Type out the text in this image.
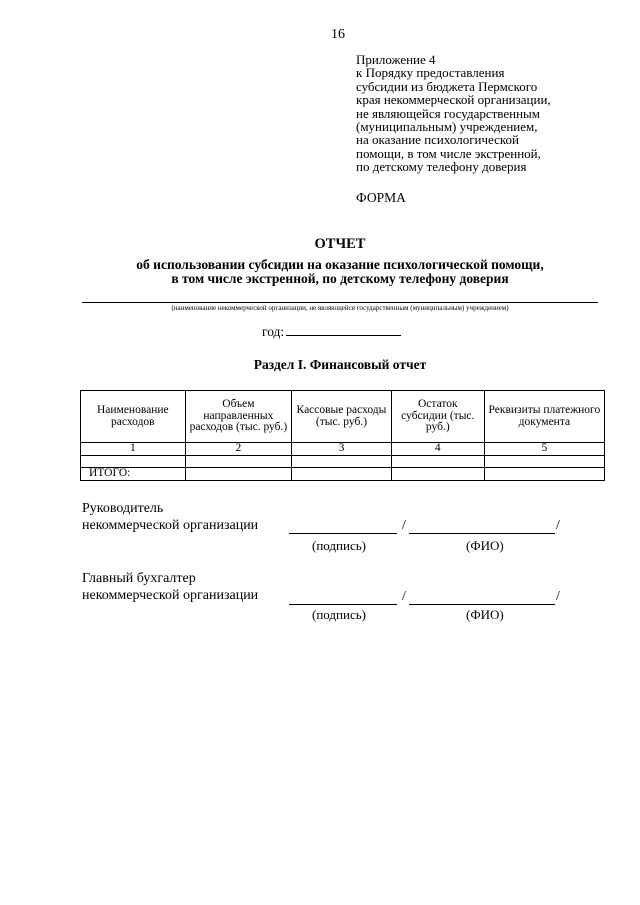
16
Приложение 4
к Порядку предоставления
субсидии из бюджета Пермского
края некоммерческой организации,
не являющейся государственным
(муниципальным) учреждением,
на оказание психологической
помощи, в том числе экстренной,
по детскому телефону доверия
ФОРМА
ОТЧЕТ
об использовании субсидии на оказание психологической помощи,
в том числе экстренной, по детскому телефону доверия
(наименование некоммерческой организации, не являющейся государственным (муниципальным) учреждением)
год:
Раздел I. Финансовый отчет
Наименование расходов	Объем направленных расходов (тыс. руб.)	Кассовые расходы (тыс. руб.)	Остаток субсидии (тыс. руб.)	Реквизиты платежного документа
1	2	3	4	5

ИТОГО:				
Руководитель
некоммерческой организации	/	/
(подпись)	(ФИО)
Главный бухгалтер
некоммерческой организации	/	/
(подпись)	(ФИО)
